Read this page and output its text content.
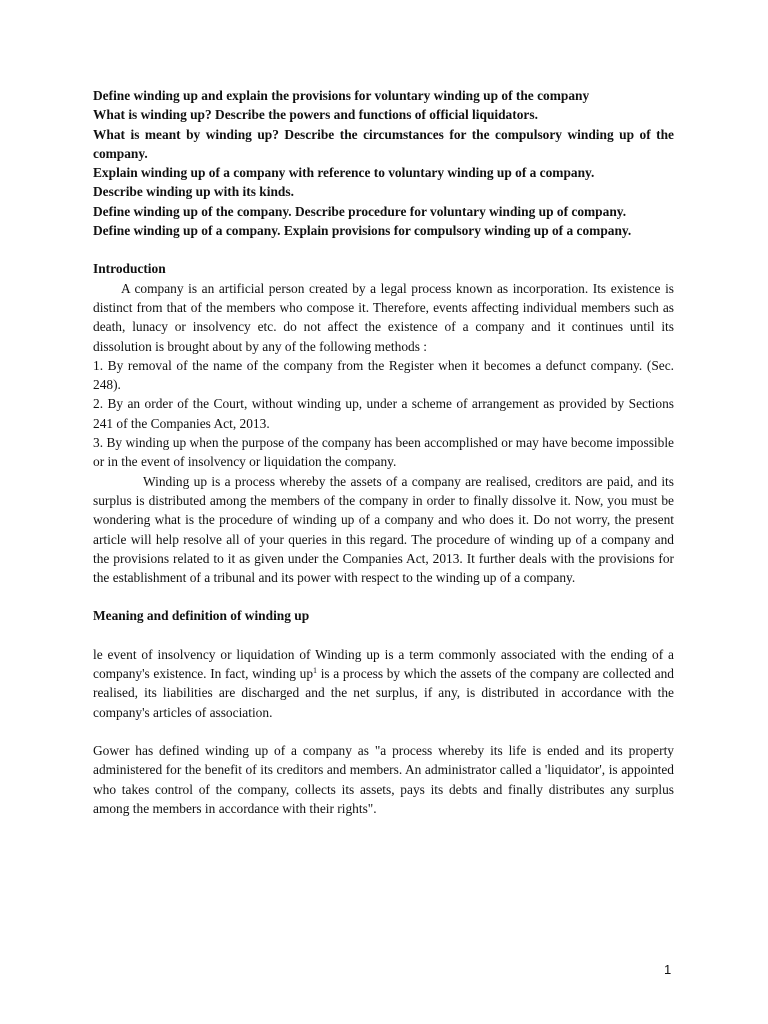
Define winding up and explain the provisions for voluntary winding up of the company
What is winding up? Describe the powers and functions of official liquidators.
What is meant by winding up? Describe the circumstances for the compulsory winding up of the company.
Explain winding up of a company with reference to voluntary winding up of a company.
Describe winding up with its kinds.
Define winding up of the company. Describe procedure for voluntary winding up of company.
Define winding up of a company. Explain provisions for compulsory winding up of a company.

Introduction

A company is an artificial person created by a legal process known as incorporation. Its existence is distinct from that of the members who compose it. Therefore, events affecting individual members such as death, lunacy or insolvency etc. do not affect the existence of a company and it continues until its dissolution is brought about by any of the following methods :

1. By removal of the name of the company from the Register when it becomes a defunct company. (Sec. 248).

2. By an order of the Court, without winding up, under a scheme of arrangement as provided by Sections 241 of the Companies Act, 2013.

3. By winding up when the purpose of the company has been accomplished or may have become impossible or in the event of insolvency or liquidation the company.

Winding up is a process whereby the assets of a company are realised, creditors are paid, and its surplus is distributed among the members of the company in order to finally dissolve it. Now, you must be wondering what is the procedure of winding up of a company and who does it. Do not worry, the present article will help resolve all of your queries in this regard. The procedure of winding up of a company and the provisions related to it as given under the Companies Act, 2013. It further deals with the provisions for the establishment of a tribunal and its power with respect to the winding up of a company.

Meaning and definition of winding up

le event of insolvency or liquidation of Winding up is a term commonly associated with the ending of a company's existence. In fact, winding $up^1$ is a process by which the assets of the company are collected and realised, its liabilities are discharged and the net surplus, if any, is distributed in accordance with the company's articles of association.

Gower has defined winding up of a company as "a process whereby its life is ended and its property administered for the benefit of its creditors and members. An administrator called a 'liquidator', is appointed who takes control of the company, collects its assets, pays its debts and finally distributes any surplus among the members in accordance with their rights".

1
